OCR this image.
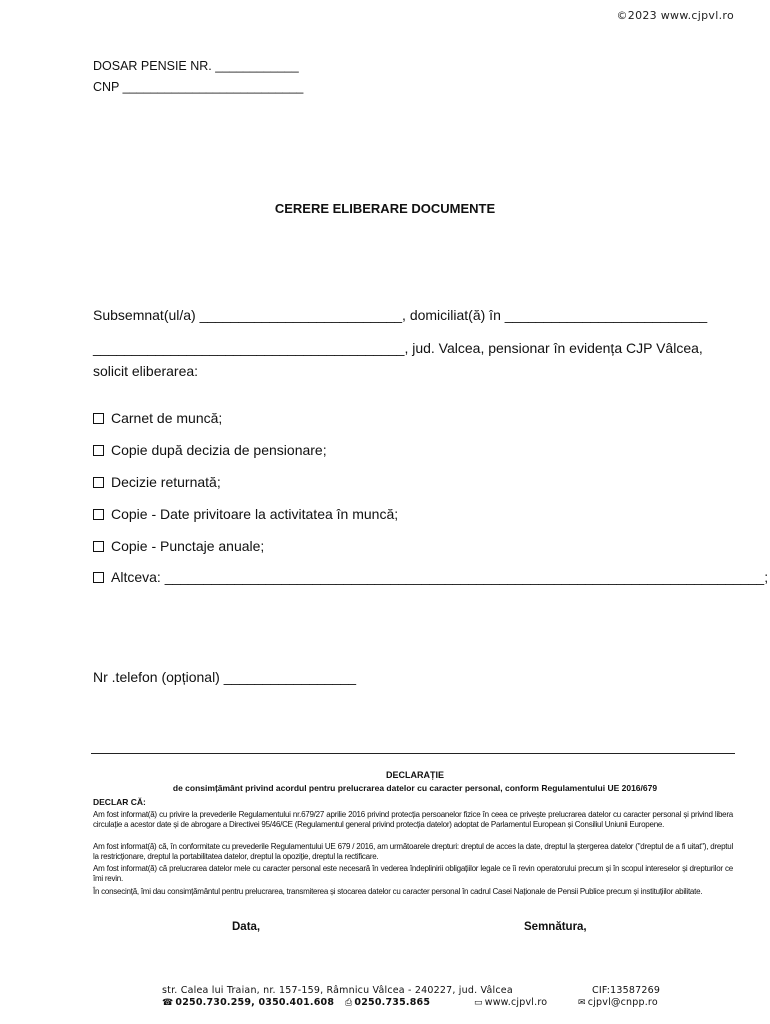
©2023 www.cjpvl.ro
DOSAR PENSIE NR. ____________
CNP __________________________
CERERE ELIBERARE DOCUMENTE
Subsemnat(ul/a) __________________________, domiciliat(ă) în __________________________
________________________________________, jud. Valcea, pensionar în evidența CJP Vâlcea,
solicit eliberarea:
Carnet de muncă;
Copie după decizia de pensionare;
Decizie returnată;
Copie - Date privitoare la activitatea în muncă;
Copie - Punctaje anuale;
Altceva: _____________________________________________________________________________;
Nr .telefon (opțional) _________________
DECLARAȚIE
de consimțământ privind acordul pentru prelucrarea datelor cu caracter personal, conform Regulamentului UE 2016/679
DECLAR CĂ:
Am fost informat(ă) cu privire la prevederile Regulamentului nr.679/27 aprilie 2016 privind protecția persoanelor fizice în ceea ce privește prelucrarea datelor cu caracter personal și privind libera circulație a acestor date și de abrogare a Directivei 95/46/CE (Regulamentul general privind protecția datelor) adoptat de Parlamentul European și Consiliul Uniunii Europene.
Am fost informat(ă) că, în conformitate cu prevederile Regulamentului UE 679 / 2016, am următoarele drepturi: dreptul de acces la date, dreptul la ștergerea datelor ("dreptul de a fi uitat"), dreptul la restricționare, dreptul la portabilitatea datelor, dreptul la opoziție, dreptul la rectificare.
Am fost informat(ă) că prelucrarea datelor mele cu caracter personal este necesară în vederea îndeplinirii obligațiilor legale ce îi revin operatorului precum și în scopul intereselor și drepturilor ce îmi revin.
În consecință, îmi dau consimțământul pentru prelucrarea, transmiterea și stocarea datelor cu caracter personal în cadrul Casei Naționale de Pensii Publice precum și instituțiilor abilitate.
Data,	Semnătura,
str. Calea lui Traian, nr. 157-159, Râmnicu Vâlcea - 240227, jud. Vâlcea	CIF:13587269
☎ 0250.730.259, 0350.401.608 ⎙ 0250.735.865	▭ www.cjpvl.ro	✉ cjpvl@cnpp.ro
